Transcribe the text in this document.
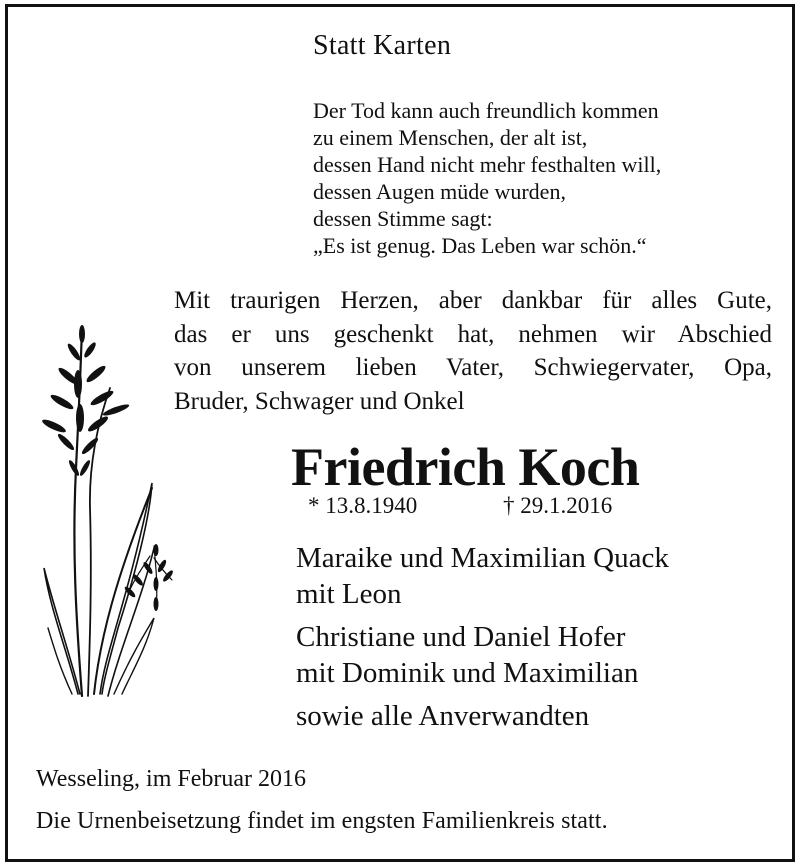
Statt Karten
Der Tod kann auch freundlich kommen
zu einem Menschen, der alt ist,
dessen Hand nicht mehr festhalten will,
dessen Augen müde wurden,
dessen Stimme sagt:
„Es ist genug. Das Leben war schön.“
Mit traurigen Herzen, aber dankbar für alles Gute,
das er uns geschenkt hat, nehmen wir Abschied
von unserem lieben Vater, Schwiegervater, Opa,
Bruder, Schwager und Onkel
Friedrich Koch
* 13.8.1940	† 29.1.2016
Maraike und Maximilian Quack
mit Leon
Christiane und Daniel Hofer
mit Dominik und Maximilian
sowie alle Anverwandten
Wesseling, im Februar 2016
Die Urnenbeisetzung findet im engsten Familienkreis statt.
